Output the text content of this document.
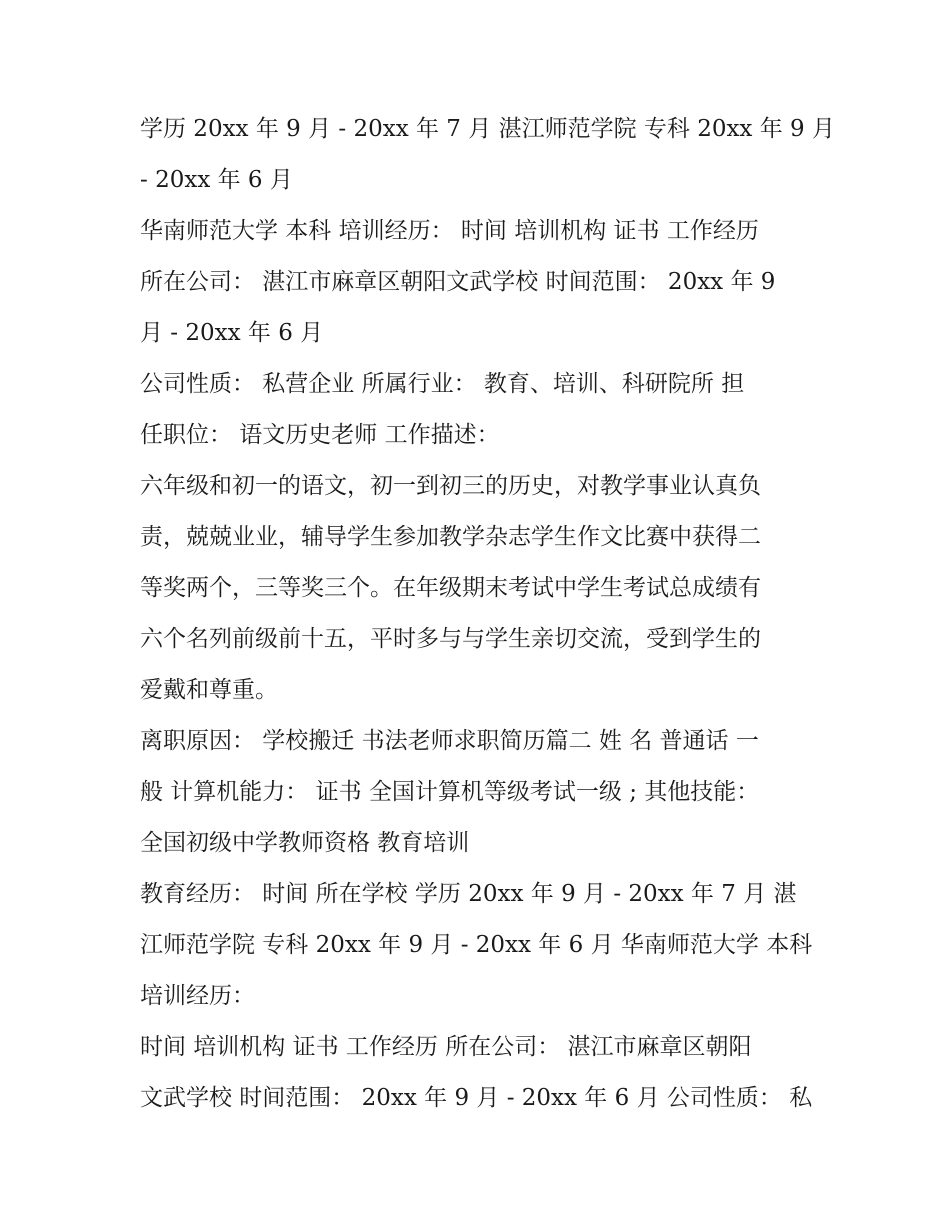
学历 20xx 年 9 月 - 20xx 年 7 月 湛江师范学院 专科 20xx 年 9 月
- 20xx 年 6 月
华南师范大学 本科 培训经历： 时间 培训机构 证书 工作经历
所在公司： 湛江市麻章区朝阳文武学校 时间范围： 20xx 年 9
月 - 20xx 年 6 月
公司性质： 私营企业 所属行业： 教育、培训、科研院所 担
任职位： 语文历史老师 工作描述：
六年级和初一的语文，初一到初三的历史，对教学事业认真负
责，兢兢业业，辅导学生参加教学杂志学生作文比赛中获得二
等奖两个，三等奖三个。在年级期末考试中学生考试总成绩有
六个名列前级前十五，平时多与与学生亲切交流，受到学生的
爱戴和尊重。
离职原因： 学校搬迁 书法老师求职简历篇二 姓 名 普通话 一
般 计算机能力： 证书 全国计算机等级考试一级 ; 其他技能：
全国初级中学教师资格 教育培训
教育经历： 时间 所在学校 学历 20xx 年 9 月 - 20xx 年 7 月 湛
江师范学院 专科 20xx 年 9 月 - 20xx 年 6 月 华南师范大学 本科
培训经历：
时间 培训机构 证书 工作经历 所在公司： 湛江市麻章区朝阳
文武学校 时间范围： 20xx 年 9 月 - 20xx 年 6 月 公司性质： 私
